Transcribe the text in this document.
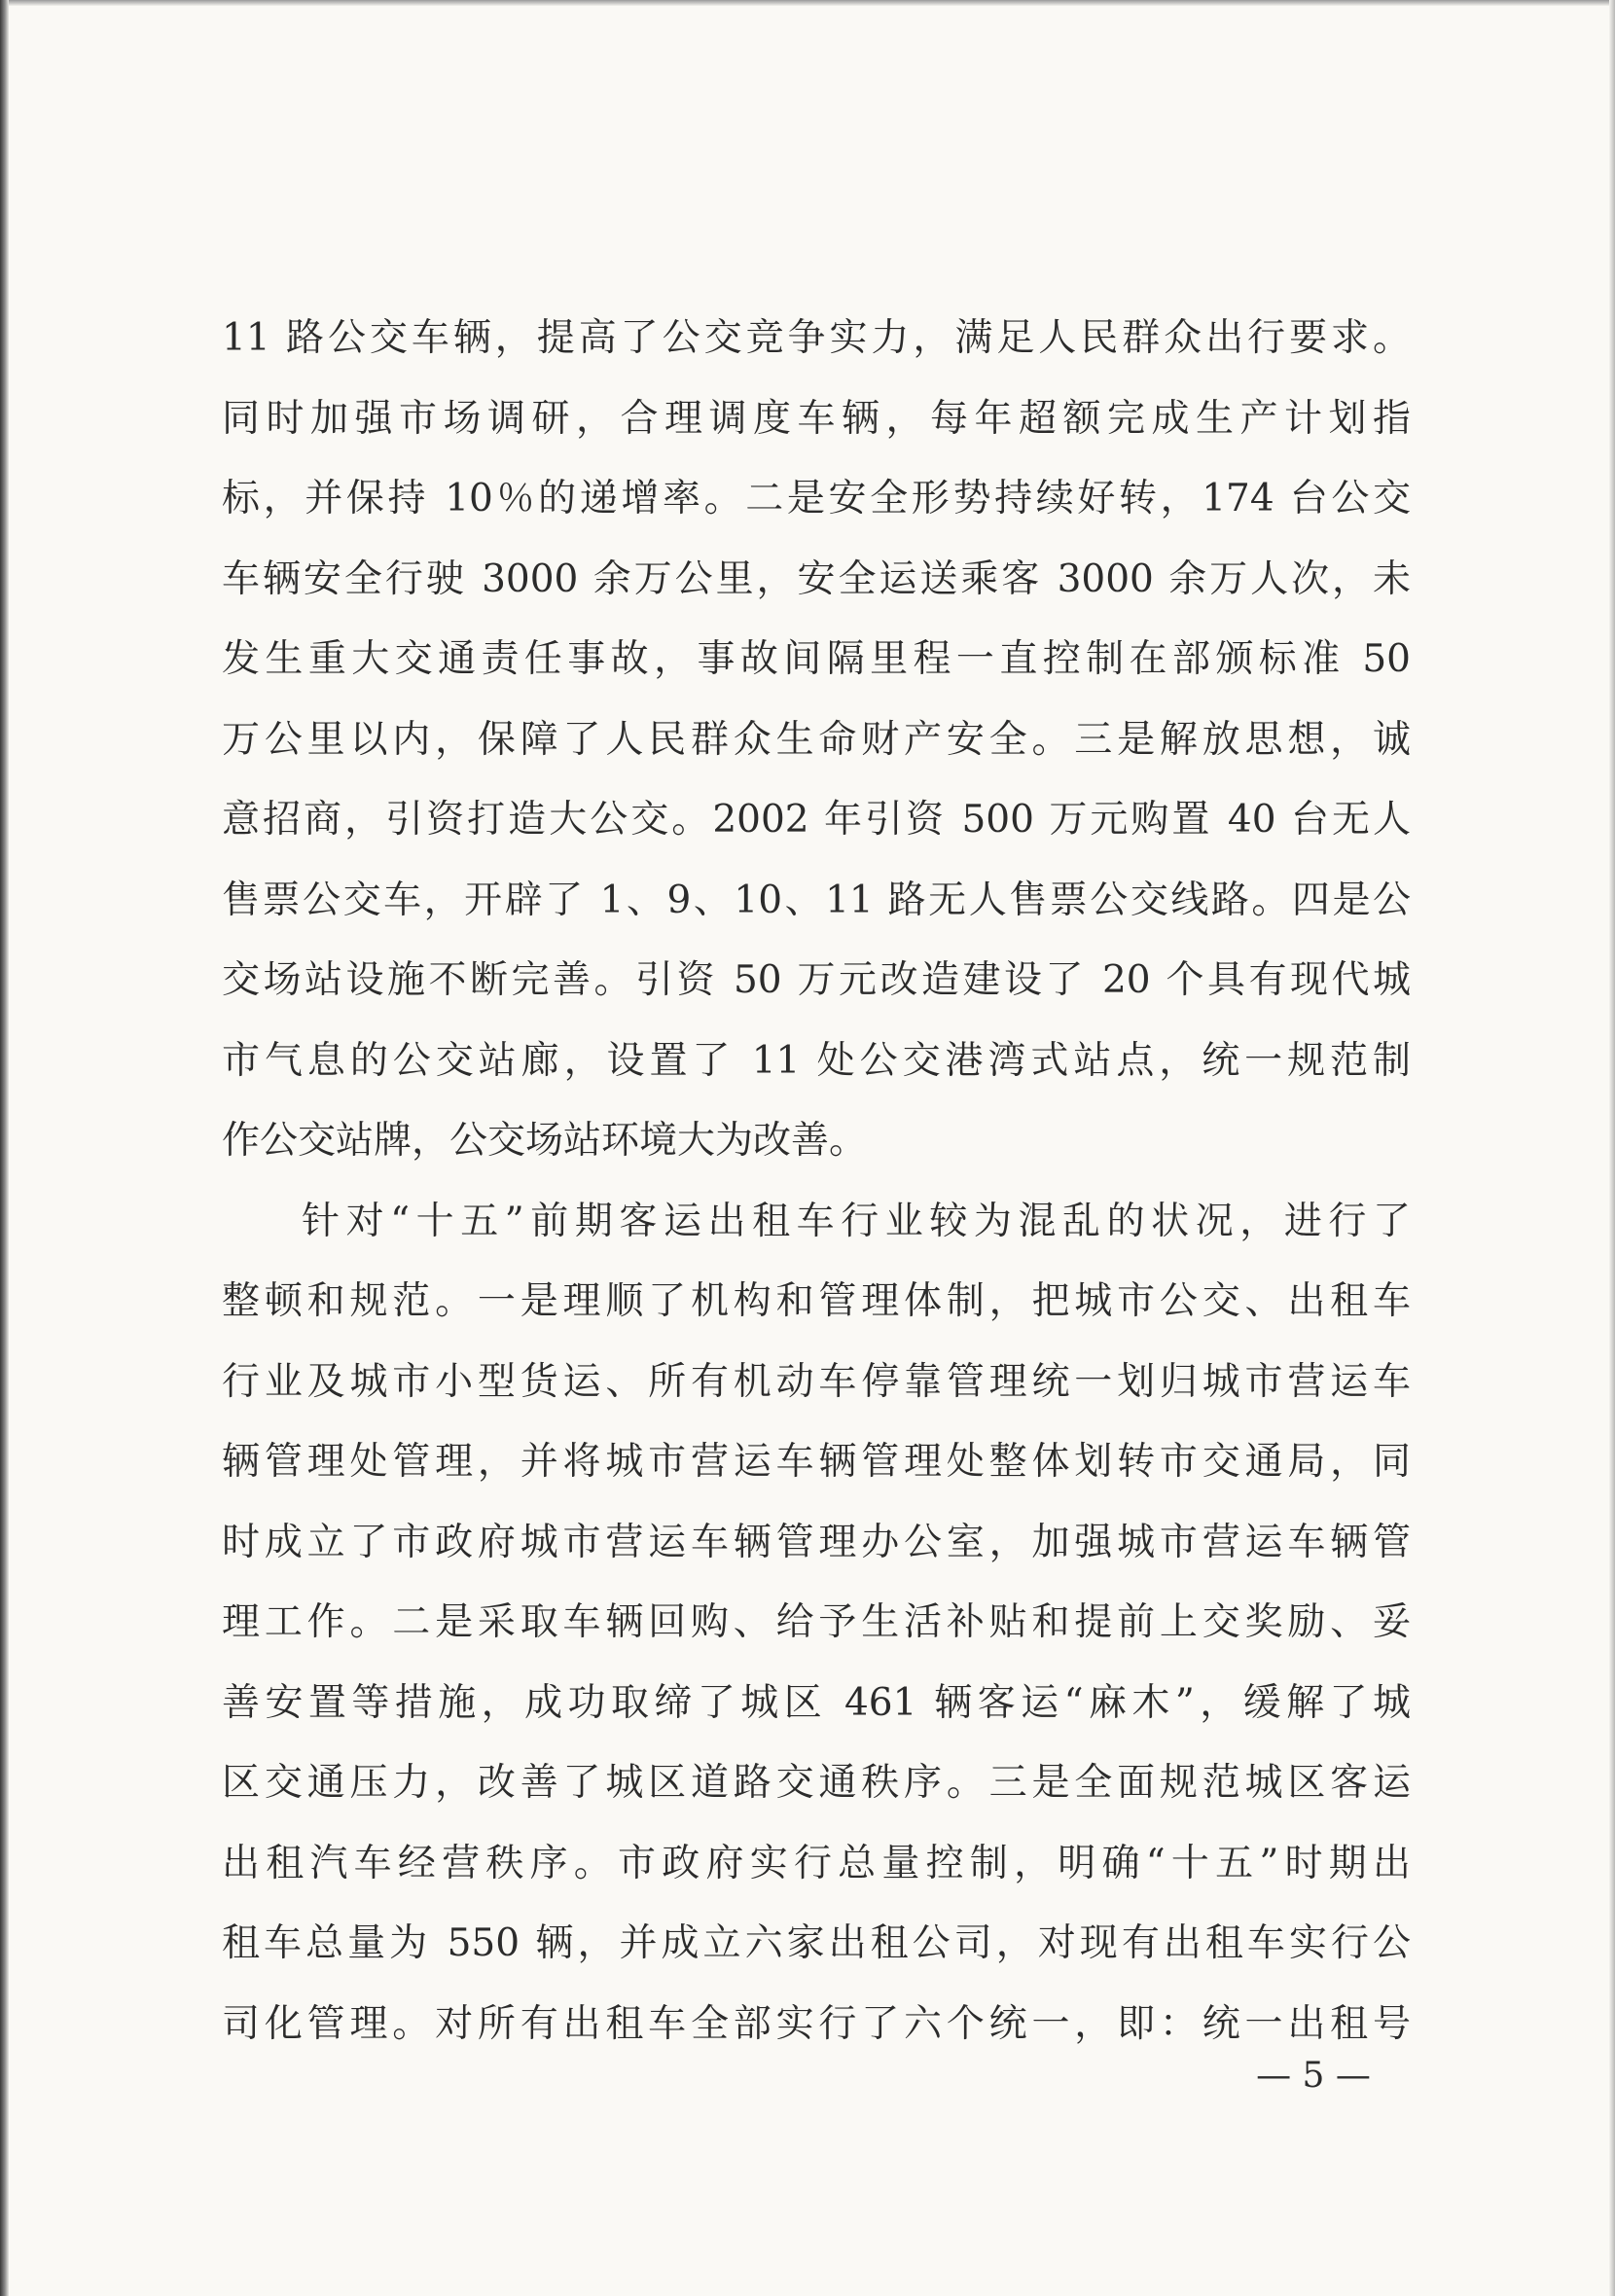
11 路公交车辆，提高了公交竞争实力，满足人民群众出行要求。
同时加强市场调研，合理调度车辆，每年超额完成生产计划指
标，并保持 10％的递增率。二是安全形势持续好转，174 台公交
车辆安全行驶 3000 余万公里，安全运送乘客 3000 余万人次，未
发生重大交通责任事故，事故间隔里程一直控制在部颁标准 50
万公里以内，保障了人民群众生命财产安全。三是解放思想，诚
意招商，引资打造大公交。2002 年引资 500 万元购置 40 台无人
售票公交车，开辟了 1、9、10、11 路无人售票公交线路。四是公
交场站设施不断完善。引资 50 万元改造建设了 20 个具有现代城
市气息的公交站廊，设置了 11 处公交港湾式站点，统一规范制
作公交站牌，公交场站环境大为改善。
针对“十五”前期客运出租车行业较为混乱的状况，进行了
整顿和规范。一是理顺了机构和管理体制，把城市公交、出租车
行业及城市小型货运、所有机动车停靠管理统一划归城市营运车
辆管理处管理，并将城市营运车辆管理处整体划转市交通局，同
时成立了市政府城市营运车辆管理办公室，加强城市营运车辆管
理工作。二是采取车辆回购、给予生活补贴和提前上交奖励、妥
善安置等措施，成功取缔了城区 461 辆客运“麻木”，缓解了城
区交通压力，改善了城区道路交通秩序。三是全面规范城区客运
出租汽车经营秩序。市政府实行总量控制，明确“十五”时期出
租车总量为 550 辆，并成立六家出租公司，对现有出租车实行公
司化管理。对所有出租车全部实行了六个统一，即：统一出租号
— 5 —
